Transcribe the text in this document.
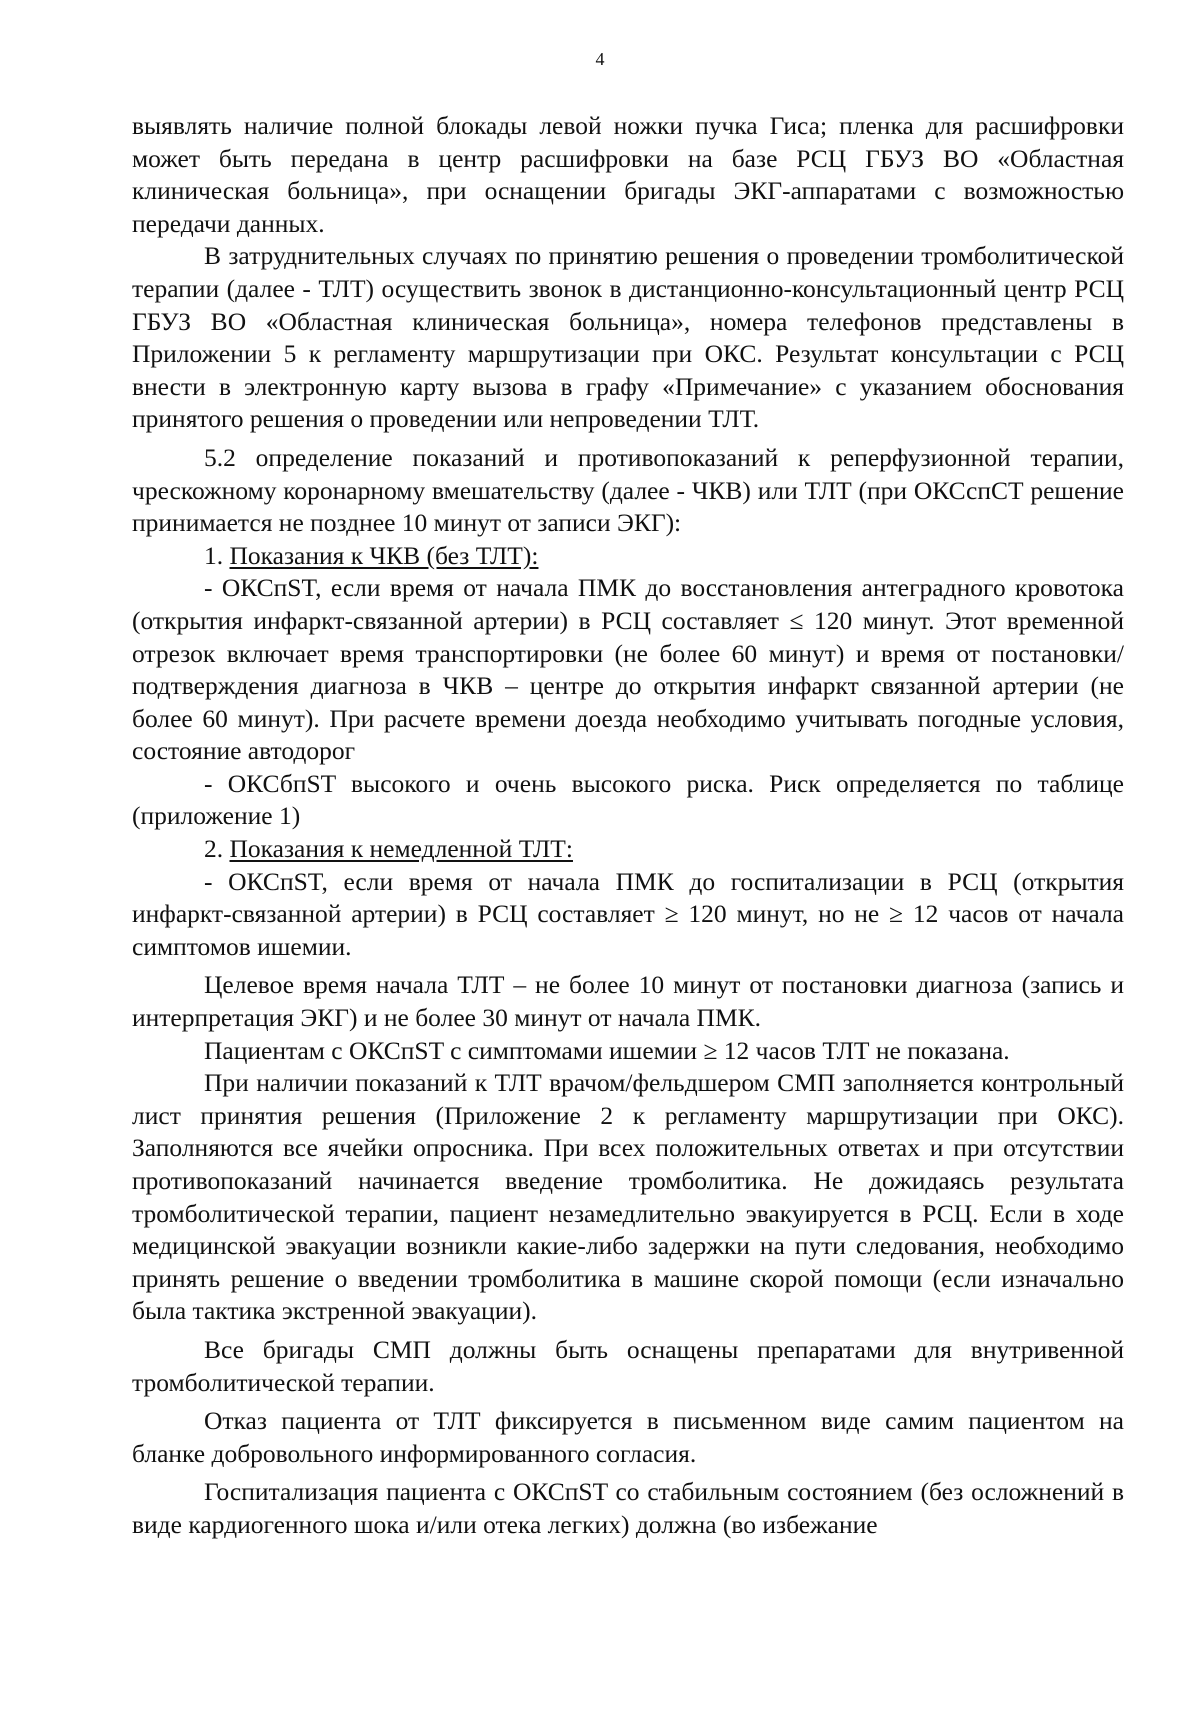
4

выявлять наличие полной блокады левой ножки пучка Гиса; пленка для расшифровки может быть передана в центр расшифровки на базе РСЦ ГБУЗ ВО «Областная клиническая больница», при оснащении бригады ЭКГ-аппаратами с возможностью передачи данных.

В затруднительных случаях по принятию решения о проведении тромболитической терапии (далее - ТЛТ) осуществить звонок в дистанционно-консультационный центр РСЦ ГБУЗ ВО «Областная клиническая больница», номера телефонов представлены в Приложении 5 к регламенту маршрутизации при ОКС. Результат консультации с РСЦ внести в электронную карту вызова в графу «Примечание» с указанием обоснования принятого решения о проведении или непроведении ТЛТ.

5.2 определение показаний и противопоказаний к реперфузионной терапии, чрескожному коронарному вмешательству (далее - ЧКВ) или ТЛТ (при ОКСспСТ решение принимается не позднее 10 минут от записи ЭКГ):

1. Показания к ЧКВ (без ТЛТ):

- ОКСпST, если время от начала ПМК до восстановления антеградного кровотока (открытия инфаркт-связанной артерии) в РСЦ составляет ≤ 120 минут. Этот временной отрезок включает время транспортировки (не более 60 минут) и время от постановки/подтверждения диагноза в ЧКВ – центре до открытия инфаркт связанной артерии (не более 60 минут). При расчете времени доезда необходимо учитывать погодные условия, состояние автодорог

- ОКСбпST высокого и очень высокого риска. Риск определяется по таблице (приложение 1)

2. Показания к немедленной ТЛТ:

- ОКСпST, если время от начала ПМК до госпитализации в РСЦ (открытия инфаркт-связанной артерии) в РСЦ составляет ≥ 120 минут, но не ≥ 12 часов от начала симптомов ишемии.

Целевое время начала ТЛТ – не более 10 минут от постановки диагноза (запись и интерпретация ЭКГ) и не более 30 минут от начала ПМК.

Пациентам с ОКСпST с симптомами ишемии ≥ 12 часов ТЛТ не показана.

При наличии показаний к ТЛТ врачом/фельдшером СМП заполняется контрольный лист принятия решения (Приложение 2 к регламенту маршрутизации при ОКС). Заполняются все ячейки опросника. При всех положительных ответах и при отсутствии противопоказаний начинается введение тромболитика. Не дожидаясь результата тромболитической терапии, пациент незамедлительно эвакуируется в РСЦ. Если в ходе медицинской эвакуации возникли какие-либо задержки на пути следования, необходимо принять решение о введении тромболитика в машине скорой помощи (если изначально была тактика экстренной эвакуации).

Все бригады СМП должны быть оснащены препаратами для внутривенной тромболитической терапии.

Отказ пациента от ТЛТ фиксируется в письменном виде самим пациентом на бланке добровольного информированного согласия.

Госпитализация пациента с ОКСпST со стабильным состоянием (без осложнений в виде кардиогенного шока и/или отека легких) должна (во избежание
